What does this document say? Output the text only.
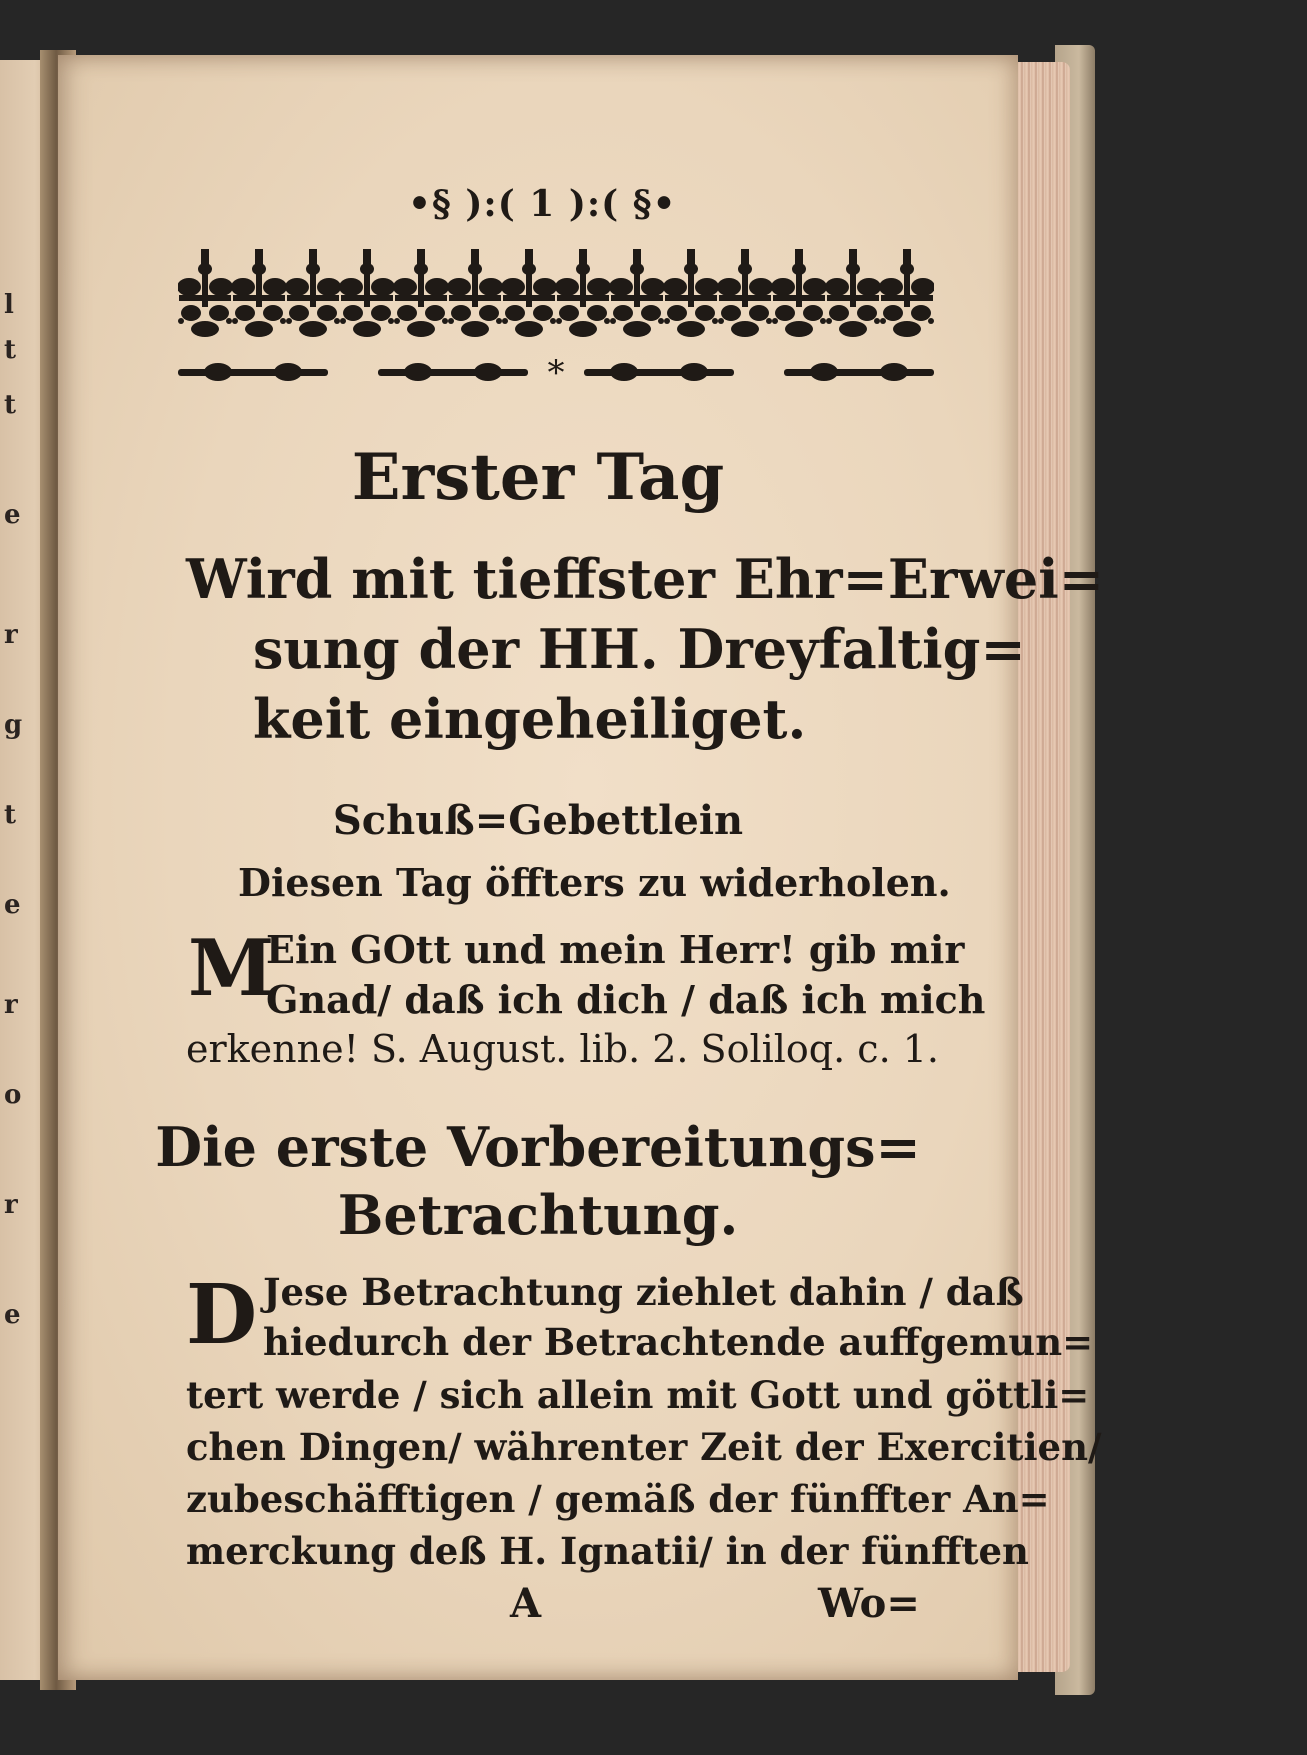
l
t
t
e
r
g
t
e
r
o
r
e
•§ ):( 1 ):( §•
*
Erster Tag
Wird mit tieffster Ehr=Erwei=
sung der HH. Dreyfaltig=
keit eingeheiliget.
Schuß=Gebettlein
Diesen Tag öffters zu widerholen.
M
Ein GOtt und mein Herr! gib mir
Gnad/ daß ich dich / daß ich mich
erkenne! S. August. lib. 2. Soliloq. c. 1.
Die erste Vorbereitungs=
Betrachtung.
D Jese Betrachtung ziehlet dahin / daß
hiedurch der Betrachtende auffgemun=
tert werde / sich allein mit Gott und göttli=
chen Dingen/ währenter Zeit der Exercitien/
zubeschäfftigen / gemäß der fünffter An=
merckung deß H. Ignatii/ in der fünfften
A	Wo=
